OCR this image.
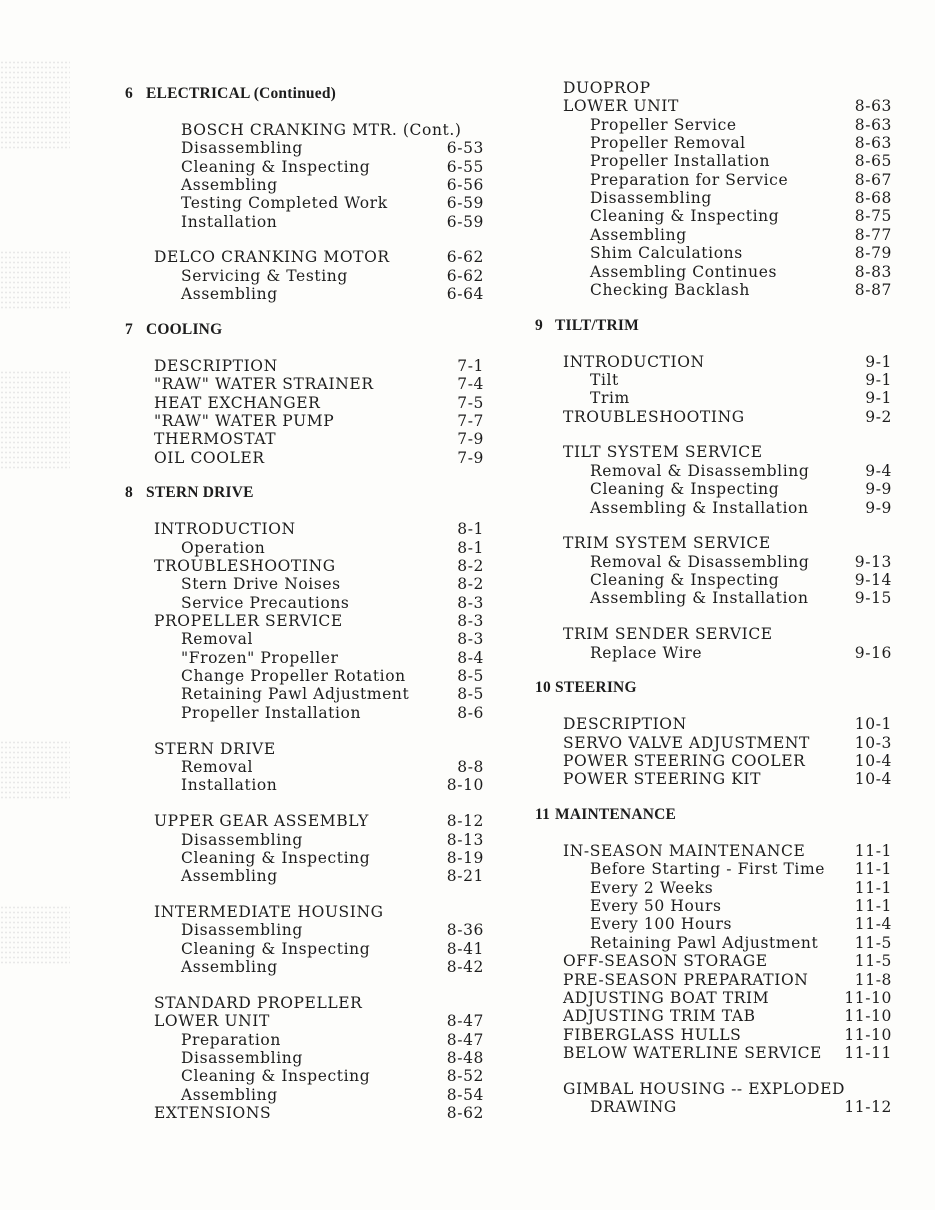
6 ELECTRICAL (Continued)
BOSCH CRANKING MTR. (Cont.)
Disassembling	6-53
Cleaning & Inspecting	6-55
Assembling	6-56
Testing Completed Work	6-59
Installation	6-59
DELCO CRANKING MOTOR	6-62
Servicing & Testing	6-62
Assembling	6-64
7 COOLING
DESCRIPTION	7-1
"RAW" WATER STRAINER	7-4
HEAT EXCHANGER	7-5
"RAW" WATER PUMP	7-7
THERMOSTAT	7-9
OIL COOLER	7-9
8 STERN DRIVE
INTRODUCTION	8-1
Operation	8-1
TROUBLESHOOTING	8-2
Stern Drive Noises	8-2
Service Precautions	8-3
PROPELLER SERVICE	8-3
Removal	8-3
"Frozen" Propeller	8-4
Change Propeller Rotation	8-5
Retaining Pawl Adjustment	8-5
Propeller Installation	8-6
STERN DRIVE
Removal	8-8
Installation	8-10
UPPER GEAR ASSEMBLY	8-12
Disassembling	8-13
Cleaning & Inspecting	8-19
Assembling	8-21
INTERMEDIATE HOUSING
Disassembling	8-36
Cleaning & Inspecting	8-41
Assembling	8-42
STANDARD PROPELLER
LOWER UNIT	8-47
Preparation	8-47
Disassembling	8-48
Cleaning & Inspecting	8-52
Assembling	8-54
EXTENSIONS	8-62
DUOPROP
LOWER UNIT	8-63
Propeller Service	8-63
Propeller Removal	8-63
Propeller Installation	8-65
Preparation for Service	8-67
Disassembling	8-68
Cleaning & Inspecting	8-75
Assembling	8-77
Shim Calculations	8-79
Assembling Continues	8-83
Checking Backlash	8-87
9 TILT/TRIM
INTRODUCTION	9-1
Tilt	9-1
Trim	9-1
TROUBLESHOOTING	9-2
TILT SYSTEM SERVICE
Removal & Disassembling	9-4
Cleaning & Inspecting	9-9
Assembling & Installation	9-9
TRIM SYSTEM SERVICE
Removal & Disassembling	9-13
Cleaning & Inspecting	9-14
Assembling & Installation	9-15
TRIM SENDER SERVICE
Replace Wire	9-16
10 STEERING
DESCRIPTION	10-1
SERVO VALVE ADJUSTMENT	10-3
POWER STEERING COOLER	10-4
POWER STEERING KIT	10-4
11 MAINTENANCE
IN-SEASON MAINTENANCE	11-1
Before Starting - First Time 11-1
Every 2 Weeks	11-1
Every 50 Hours	11-1
Every 100 Hours	11-4
Retaining Pawl Adjustment 11-5
OFF-SEASON STORAGE	11-5
PRE-SEASON PREPARATION	11-8
ADJUSTING BOAT TRIM	11-10
ADJUSTING TRIM TAB	11-10
FIBERGLASS HULLS	11-10
BELOW WATERLINE SERVICE 11-11
GIMBAL HOUSING -- EXPLODED
DRAWING	11-12
